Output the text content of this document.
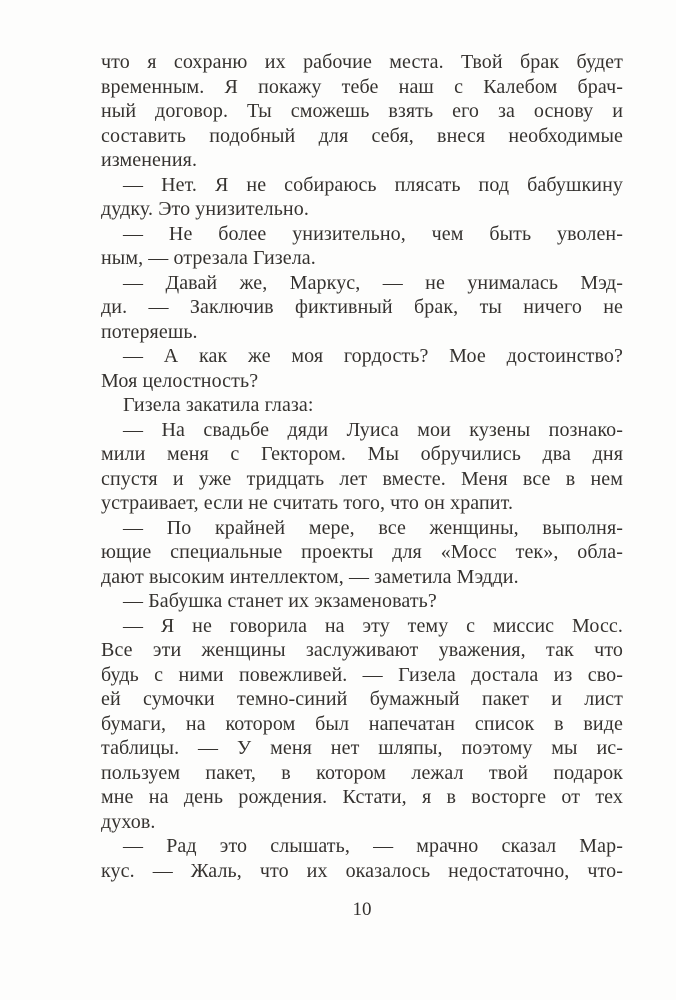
что я сохраню их рабочие места. Твой брак будет
временным. Я покажу тебе наш с Калебом брач-
ный договор. Ты сможешь взять его за основу и
составить подобный для себя, внеся необходимые
изменения.
— Нет. Я не собираюсь плясать под бабушкину
дудку. Это унизительно.
— Не более унизительно, чем быть уволен-
ным, — отрезала Гизела.
— Давай же, Маркус, — не унималась Мэд-
ди. — Заключив фиктивный брак, ты ничего не
потеряешь.
— А как же моя гордость? Мое достоинство?
Моя целостность?
Гизела закатила глаза:
— На свадьбе дяди Луиса мои кузены познако-
мили меня с Гектором. Мы обручились два дня
спустя и уже тридцать лет вместе. Меня все в нем
устраивает, если не считать того, что он храпит.
— По крайней мере, все женщины, выполня-
ющие специальные проекты для «Мосс тек», обла-
дают высоким интеллектом, — заметила Мэдди.
— Бабушка станет их экзаменовать?
— Я не говорила на эту тему с миссис Мосс.
Все эти женщины заслуживают уважения, так что
будь с ними повежливей. — Гизела достала из сво-
ей сумочки темно-синий бумажный пакет и лист
бумаги, на котором был напечатан список в виде
таблицы. — У меня нет шляпы, поэтому мы ис-
пользуем пакет, в котором лежал твой подарок
мне на день рождения. Кстати, я в восторге от тех
духов.
— Рад это слышать, — мрачно сказал Мар-
кус. — Жаль, что их оказалось недостаточно, что-
10
